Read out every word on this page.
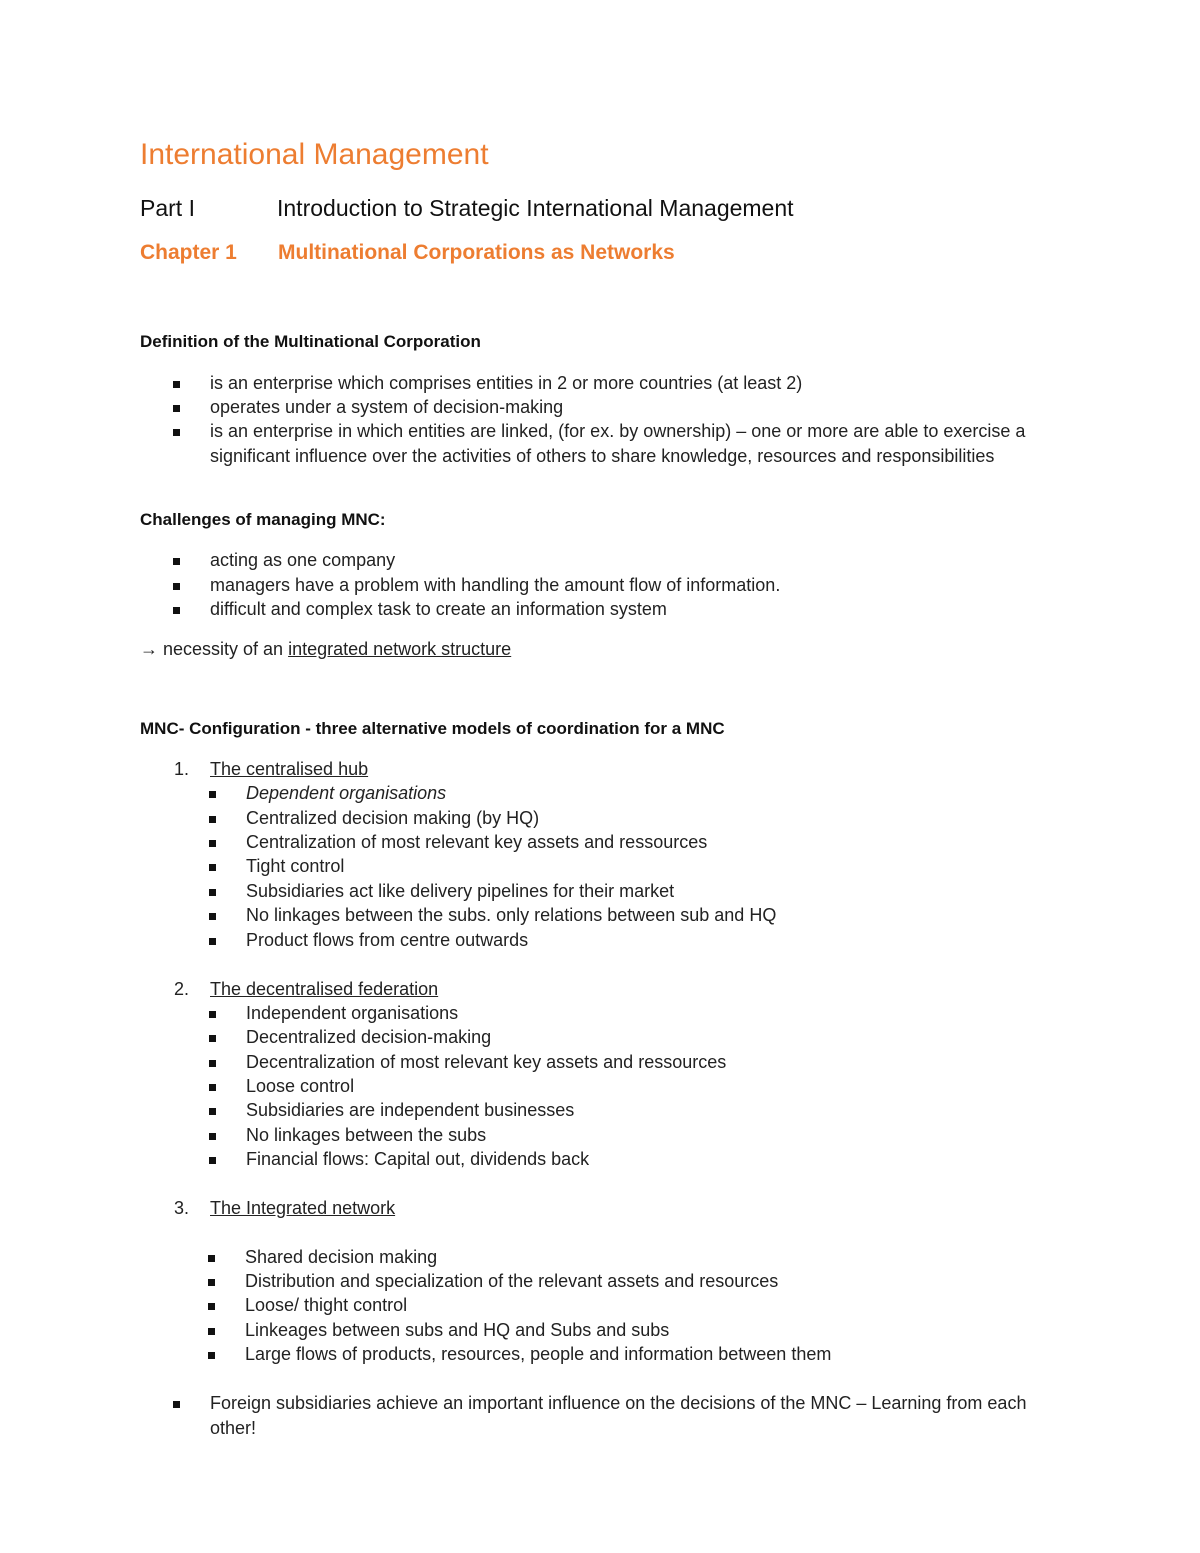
International Management
Part I	Introduction to Strategic International Management
Chapter 1 Multinational Corporations as Networks
Definition of the Multinational Corporation
is an enterprise which comprises entities in 2 or more countries (at least 2)
operates under a system of decision-making
is an enterprise in which entities are linked, (for ex. by ownership) – one or more are able to exercise a significant influence over the activities of others to share knowledge, resources and responsibilities
Challenges of managing MNC:
acting as one company
managers have a problem with handling the amount flow of information.
difficult and complex task to create an information system
→ necessity of an integrated network structure
MNC- Configuration - three alternative models of coordination for a MNC
1. The centralised hub
Dependent organisations
Centralized decision making (by HQ)
Centralization of most relevant key assets and ressources
Tight control
Subsidiaries act like delivery pipelines for their market
No linkages between the subs. only relations between sub and HQ
Product flows from centre outwards
2. The decentralised federation
Independent organisations
Decentralized decision-making
Decentralization of most relevant key assets and ressources
Loose control
Subsidiaries are independent businesses
No linkages between the subs
Financial flows: Capital out, dividends back
3. The Integrated network
Shared decision making
Distribution and specialization of the relevant assets and resources
Loose/ thight control
Linkeages between subs and HQ and Subs and subs
Large flows of products, resources, people and information between them
Foreign subsidiaries achieve an important influence on the decisions of the MNC – Learning from each other!
